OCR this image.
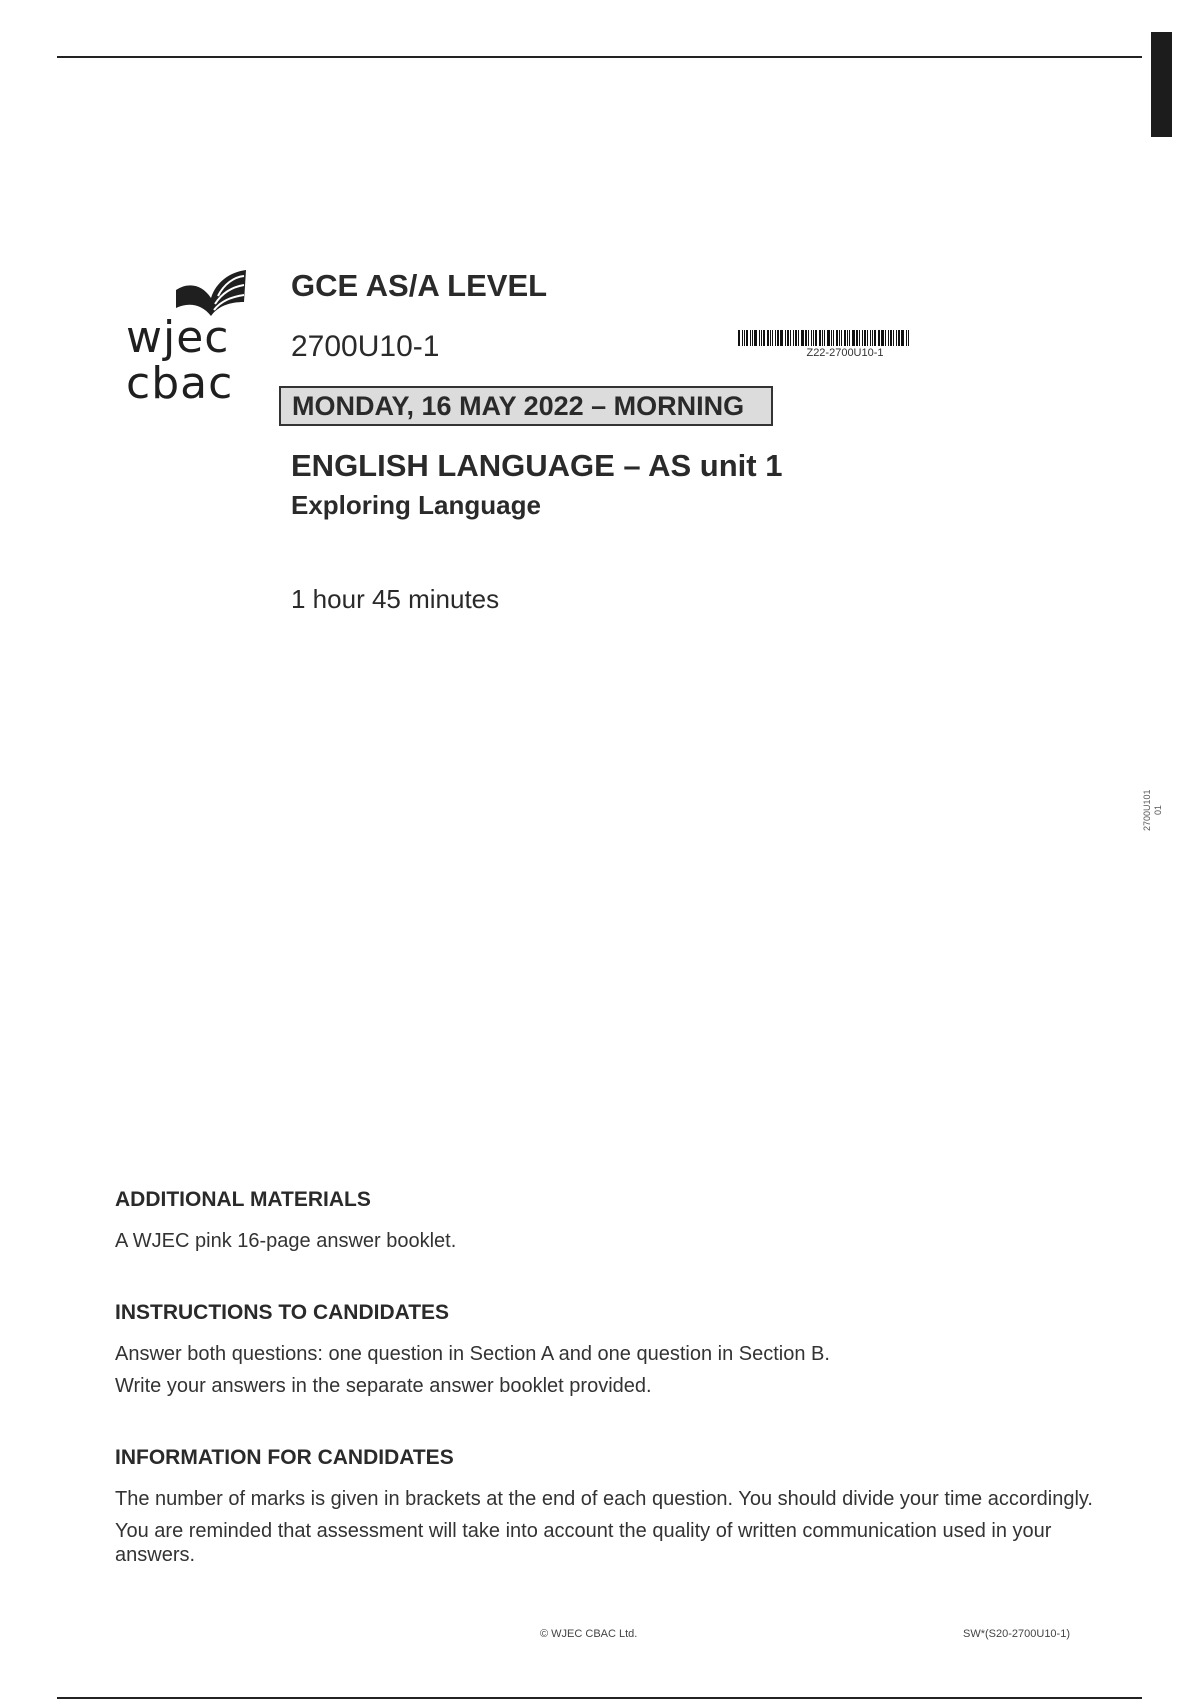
wjec
cbac
GCE AS/A LEVEL
2700U10-1	Z22-2700U10-1
MONDAY, 16 MAY 2022 – MORNING
ENGLISH LANGUAGE – AS unit 1
Exploring Language
1 hour 45 minutes
2700U101
01
ADDITIONAL MATERIALS

A WJEC pink 16-page answer booklet.

INSTRUCTIONS TO CANDIDATES

Answer both questions: one question in Section A and one question in Section B.

Write your answers in the separate answer booklet provided.

INFORMATION FOR CANDIDATES

The number of marks is given in brackets at the end of each question. You should divide your time accordingly.

You are reminded that assessment will take into account the quality of written communication used in your answers.

© WJEC CBAC Ltd.	SW*(S20-2700U10-1)
